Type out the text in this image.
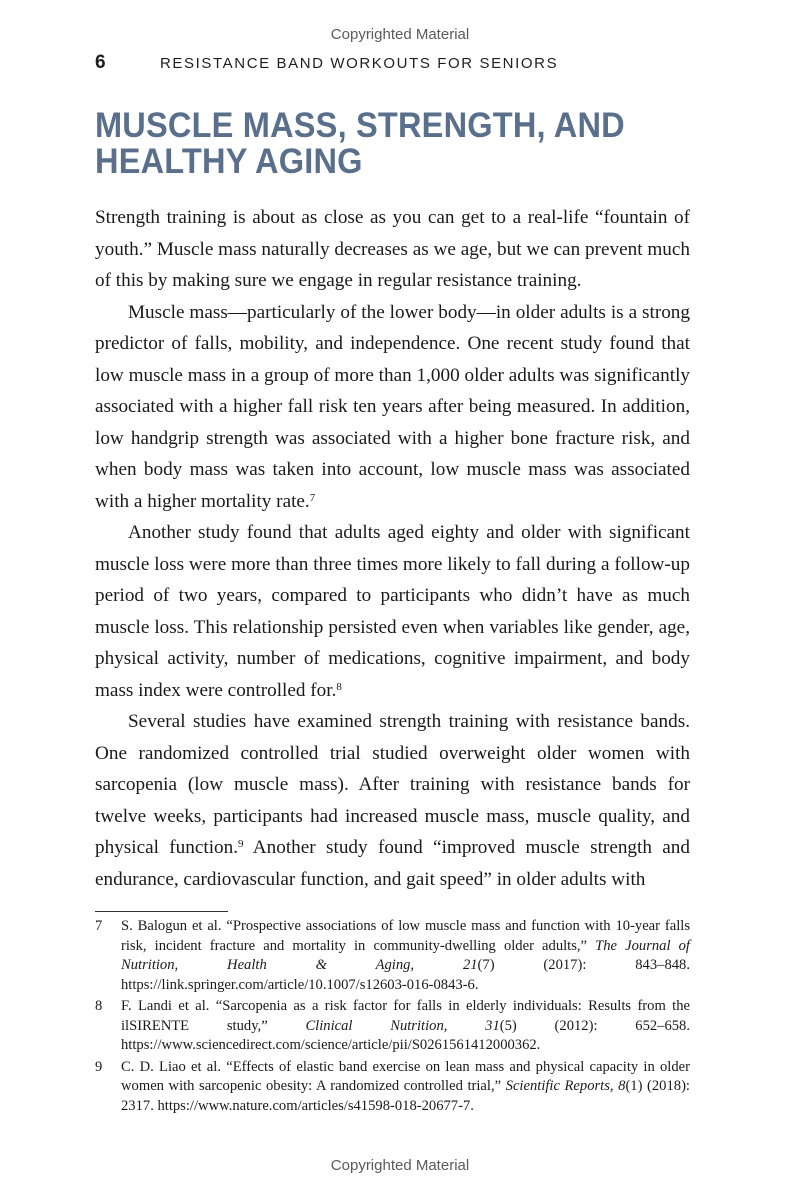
Copyrighted Material
6	RESISTANCE BAND WORKOUTS FOR SENIORS
MUSCLE MASS, STRENGTH, AND HEALTHY AGING

Strength training is about as close as you can get to a real-life “fountain of youth.” Muscle mass naturally decreases as we age, but we can prevent much of this by making sure we engage in regular resistance training.

Muscle mass—particularly of the lower body—in older adults is a strong predictor of falls, mobility, and independence. One recent study found that low muscle mass in a group of more than 1,000 older adults was significantly associated with a higher fall risk ten years after being measured. In addition, low handgrip strength was associated with a higher bone fracture risk, and when body mass was taken into account, low muscle mass was associated with a higher mortality rate.$^7$

Another study found that adults aged eighty and older with significant muscle loss were more than three times more likely to fall during a follow-up period of two years, compared to participants who didn’t have as much muscle loss. This relationship persisted even when variables like gender, age, physical activity, number of medications, cognitive impairment, and body mass index were controlled for.$^8$

Several studies have examined strength training with resistance bands. One randomized controlled trial studied overweight older women with sarcopenia (low muscle mass). After training with resistance bands for twelve weeks, participants had increased muscle mass, muscle quality, and physical function.$^9$ Another study found “improved muscle strength and endurance, cardiovascular function, and gait speed” in older adults with

7	S. Balogun et al. “Prospective associations of low muscle mass and function with 10-year falls risk, incident fracture and mortality in community-dwelling older adults,” The Journal of Nutrition, Health & Aging, 21(7) (2017): 843–848. https://link.springer.com/article/10.1007/s12603-016-0843-6.
8	F. Landi et al. “Sarcopenia as a risk factor for falls in elderly individuals: Results from the ilSIRENTE study,” Clinical Nutrition, 31(5) (2012): 652–658. https://www.sciencedirect.com/science/article/pii/S0261561412000362.
9	C. D. Liao et al. “Effects of elastic band exercise on lean mass and physical capacity in older women with sarcopenic obesity: A randomized controlled trial,” Scientific Reports, 8(1) (2018): 2317. https://www.nature.com/articles/s41598-018-20677-7.
Copyrighted Material
